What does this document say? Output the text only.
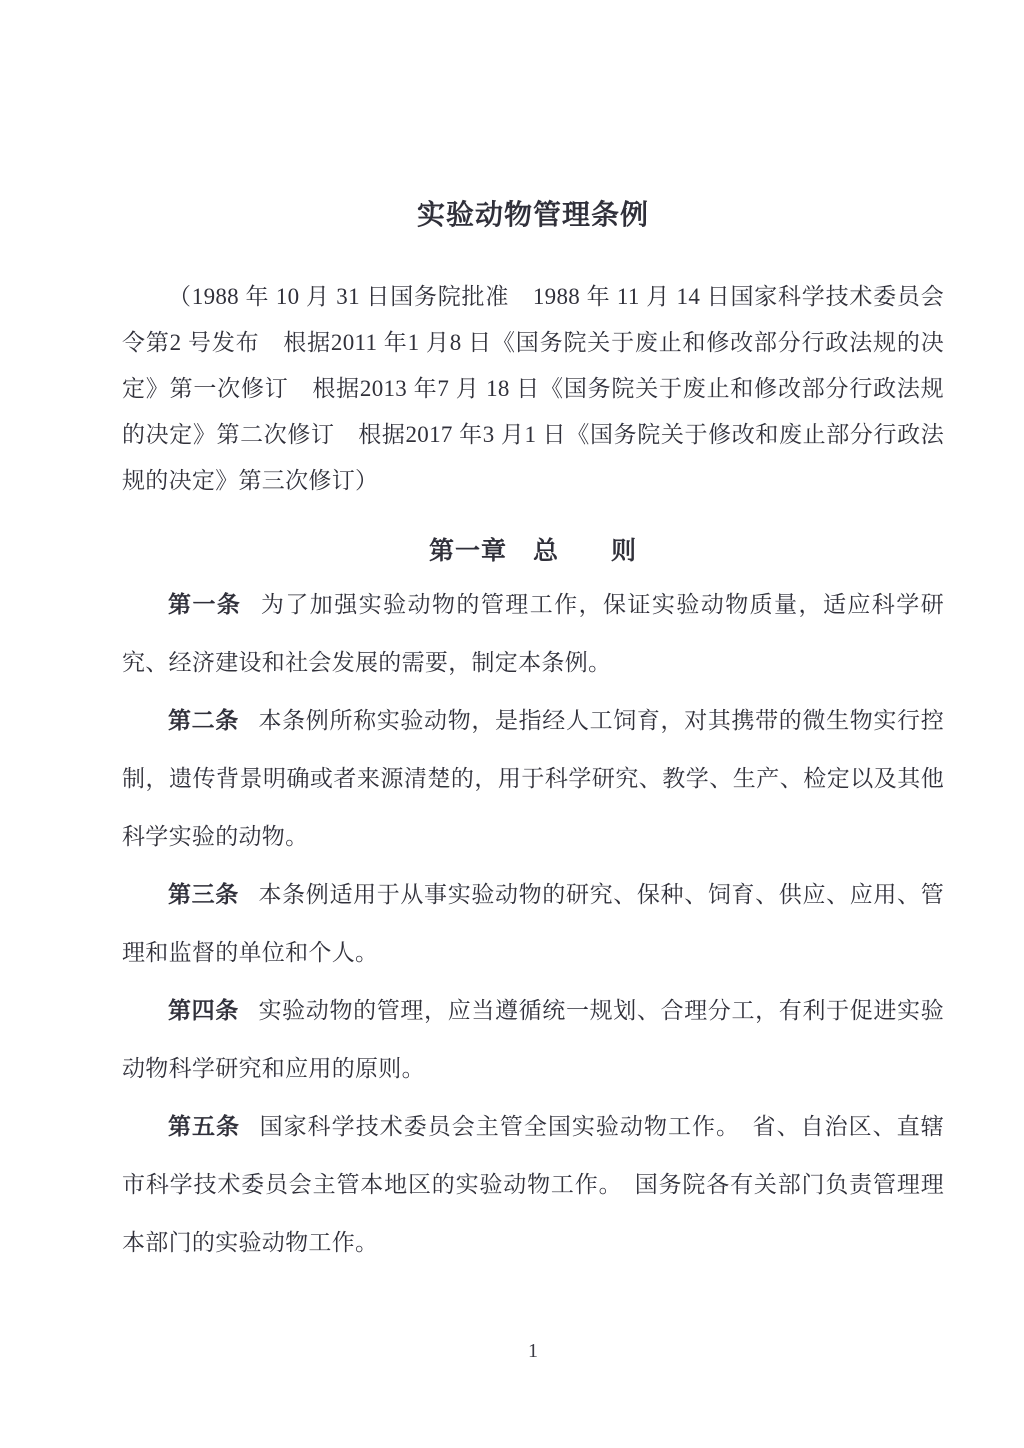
实验动物管理条例

（1988 年 10 月 31 日国务院批准　1988 年 11 月 14 日国家科学技术委员会令第2 号发布　根据2011 年1 月8 日《国务院关于废止和修改部分行政法规的决定》第一次修订　根据2013 年7 月 18 日《国务院关于废止和修改部分行政法规的决定》第二次修订　根据2017 年3 月1 日《国务院关于修改和废止部分行政法规的决定》第三次修订）

第一章　总　　则

第一条 为了加强实验动物的管理工作，保证实验动物质量，适应科学研究、经济建设和社会发展的需要，制定本条例。

第二条 本条例所称实验动物，是指经人工饲育，对其携带的微生物实行控制，遗传背景明确或者来源清楚的，用于科学研究、教学、生产、检定以及其他科学实验的动物。

第三条 本条例适用于从事实验动物的研究、保种、饲育、供应、应用、管理和监督的单位和个人。

第四条 实验动物的管理，应当遵循统一规划、合理分工，有利于促进实验动物科学研究和应用的原则。

第五条 国家科学技术委员会主管全国实验动物工作。　省、自治区、直辖市科学技术委员会主管本地区的实验动物工作。　国务院各有关部门负责管理理本部门的实验动物工作。

1
